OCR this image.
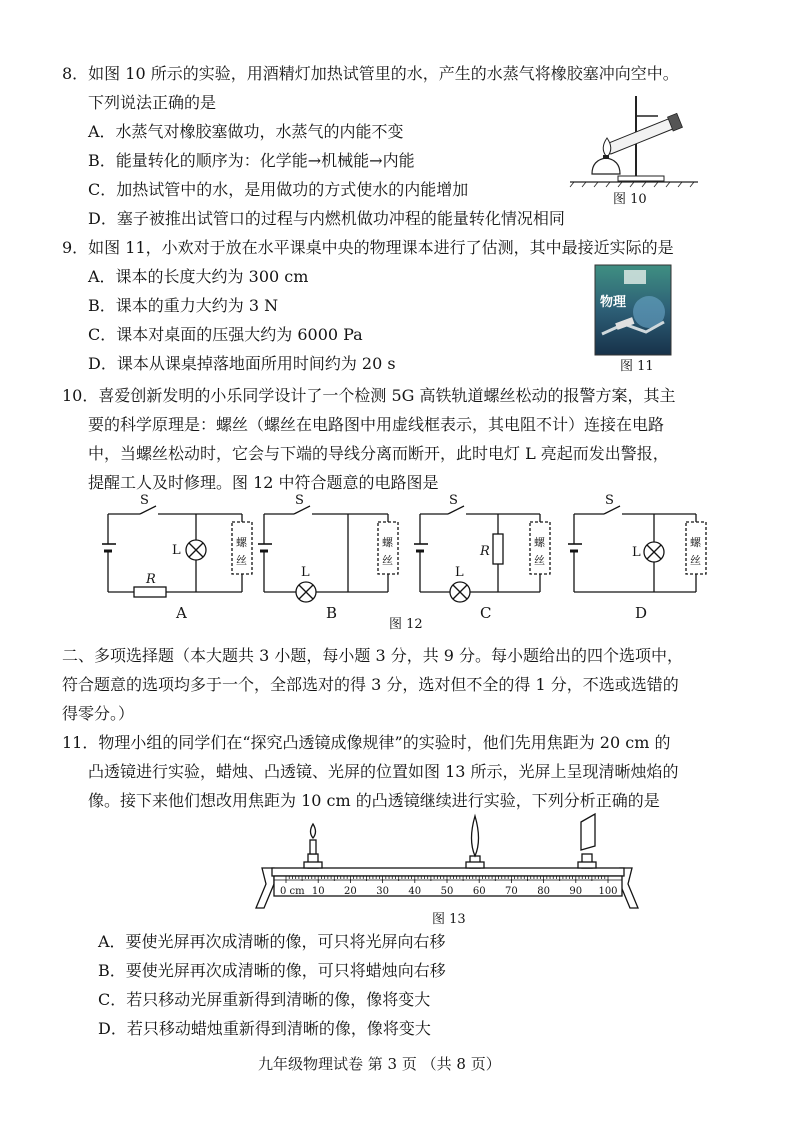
8．如图 10 所示的实验，用酒精灯加热试管里的水，产生的水蒸气将橡胶塞冲向空中。
下列说法正确的是
A．水蒸气对橡胶塞做功，水蒸气的内能不变
B．能量转化的顺序为：化学能→机械能→内能
C．加热试管中的水，是用做功的方式使水的内能增加
D．塞子被推出试管口的过程与内燃机做功冲程的能量转化情况相同
图 10
9．如图 11，小欢对于放在水平课桌中央的物理课本进行了估测，其中最接近实际的是
A．课本的长度大约为 300 cm
B．课本的重力大约为 3 N
C．课本对桌面的压强大约为 6000 Pa
D．课本从课桌掉落地面所用时间约为 20 s
物理
图 11
10．喜爱创新发明的小乐同学设计了一个检测 5G 高铁轨道螺丝松动的报警方案，其主
要的科学原理是：螺丝（螺丝在电路图中用虚线框表示，其电阻不计）连接在电路
中，当螺丝松动时，它会与下端的导线分离而断开，此时电灯 L 亮起而发出警报，
提醒工人及时修理。图 12 中符合题意的电路图是
S
L
R
螺
丝
A
S
L
螺
丝
B
S
L
R
螺
丝
C
S
L
螺
丝
D
图 12
二、多项选择题（本大题共 3 小题，每小题 3 分，共 9 分。每小题给出的四个选项中，
符合题意的选项均多于一个，全部选对的得 3 分，选对但不全的得 1 分，不选或选错的
得零分。）
11．物理小组的同学们在“探究凸透镜成像规律”的实验时，他们先用焦距为 20 cm 的
凸透镜进行实验，蜡烛、凸透镜、光屏的位置如图 13 所示，光屏上呈现清晰烛焰的
像。接下来他们想改用焦距为 10 cm 的凸透镜继续进行实验，下列分析正确的是
0 cm 10 20 30 40 50 60 70 80 90 100
图 13
A．要使光屏再次成清晰的像，可只将光屏向右移
B．要使光屏再次成清晰的像，可只将蜡烛向右移
C．若只移动光屏重新得到清晰的像，像将变大
D．若只移动蜡烛重新得到清晰的像，像将变大
九年级物理试卷 第 3 页 （共 8 页）
